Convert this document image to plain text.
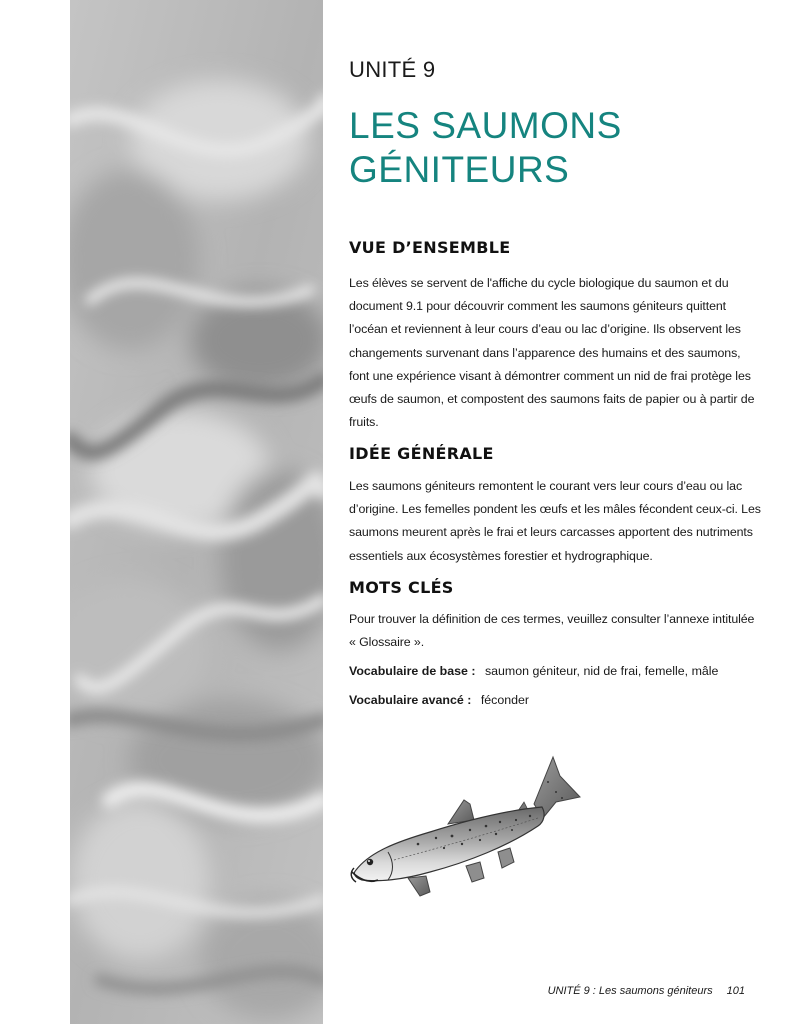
UNITÉ 9
LES SAUMONS
GÉNITEURS
VUE D’ENSEMBLE

Les élèves se servent de l'affiche du cycle biologique du saumon et du
document 9.1 pour découvrir comment les saumons géniteurs quittent
l’océan et reviennent à leur cours d’eau ou lac d’origine. Ils observent les
changements survenant dans l’apparence des humains et des saumons,
font une expérience visant à démontrer comment un nid de frai protège les
œufs de saumon, et compostent des saumons faits de papier ou à partir de
fruits.

IDÉE GÉNÉRALE

Les saumons géniteurs remontent le courant vers leur cours d’eau ou lac
d’origine. Les femelles pondent les œufs et les mâles fécondent ceux-ci. Les
saumons meurent après le frai et leurs carcasses apportent des nutriments
essentiels aux écosystèmes forestier et hydrographique.

MOTS CLÉS

Pour trouver la définition de ces termes, veuillez consulter l’annexe intitulée
« Glossaire ».

Vocabulaire de base : saumon géniteur, nid de frai, femelle, mâle
Vocabulaire avancé : féconder
UNITÉ 9 : Les saumons géniteurs 101
